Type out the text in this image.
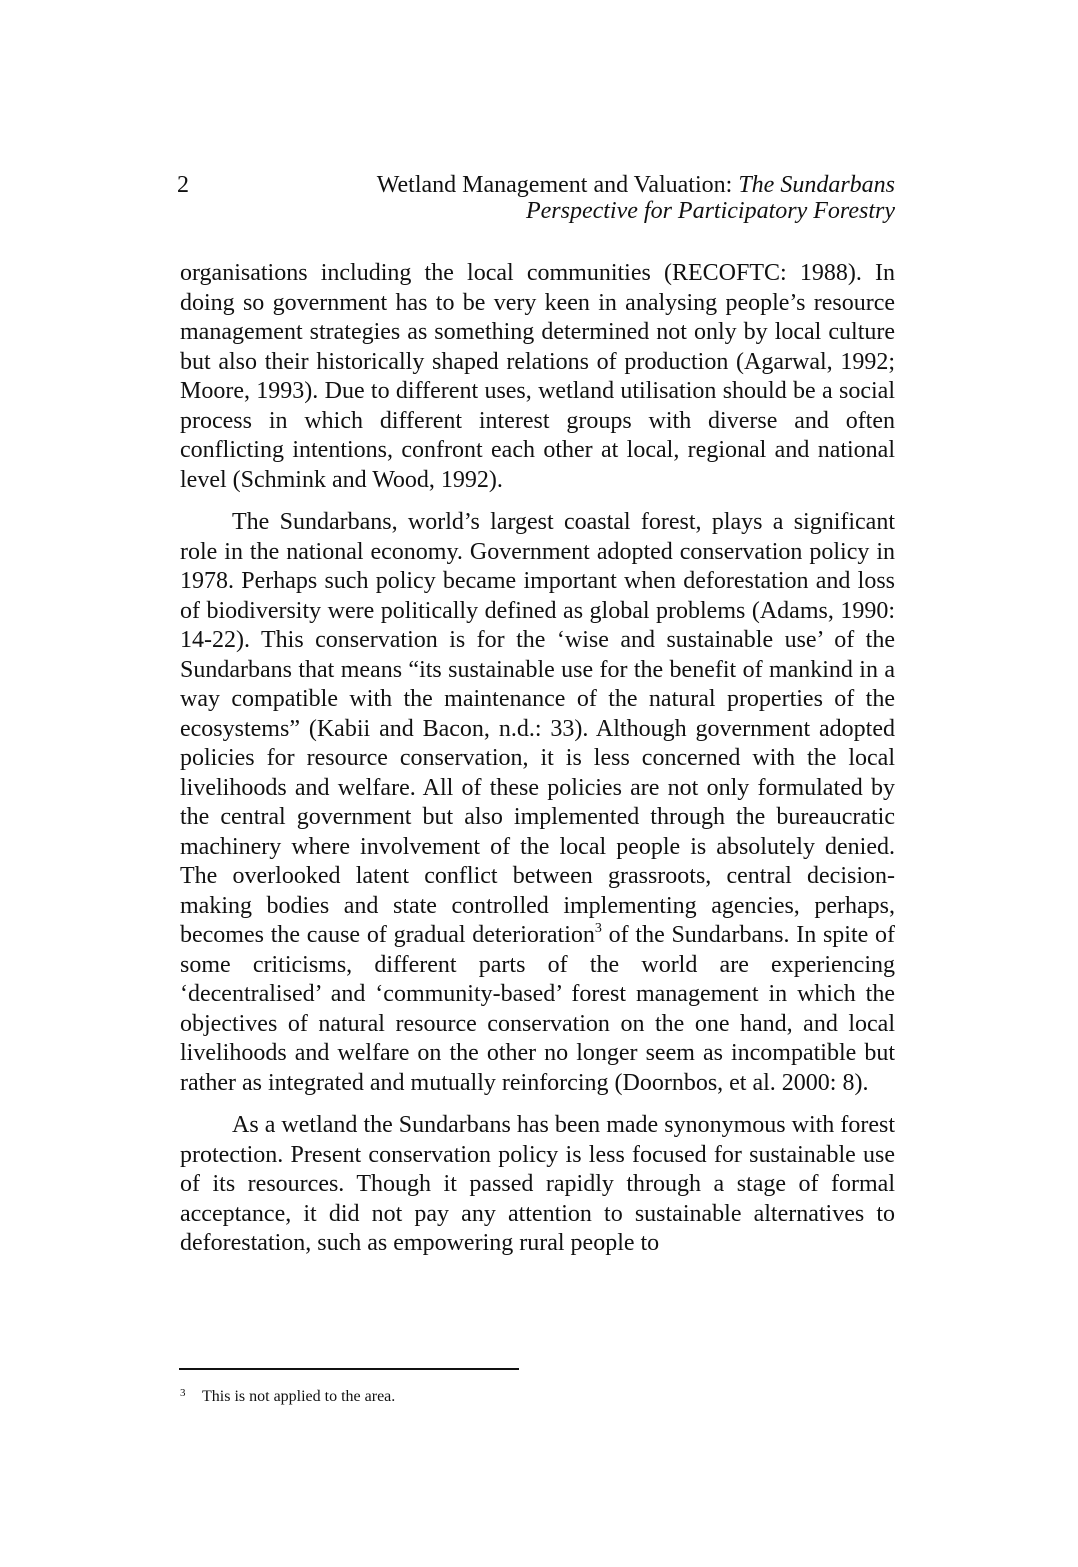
2	Wetland Management and Valuation: The Sundarbans
Perspective for Participatory Forestry

organisations including the local communities (RECOFTC: 1988). In doing so government has to be very keen in analysing people’s resource management strategies as something determined not only by local culture but also their historically shaped relations of production (Agarwal, 1992; Moore, 1993). Due to different uses, wetland utilisation should be a social process in which different interest groups with diverse and often conflicting intentions, confront each other at local, regional and national level (Schmink and Wood, 1992).

The Sundarbans, world’s largest coastal forest, plays a significant role in the national economy. Government adopted conservation policy in 1978. Perhaps such policy became important when deforestation and loss of biodiversity were politically defined as global problems (Adams, 1990: 14-22). This conservation is for the ‘wise and sustainable use’ of the Sundarbans that means “its sustainable use for the benefit of mankind in a way compatible with the maintenance of the natural properties of the ecosystems” (Kabii and Bacon, n.d.: 33). Although government adopted policies for resource conservation, it is less concerned with the local livelihoods and welfare. All of these policies are not only formulated by the central government but also implemented through the bureaucratic machinery where involvement of the local people is absolutely denied. The overlooked latent conflict between grassroots, central decision-making bodies and state controlled implementing agencies, perhaps, becomes the cause of gradual deterioration$^3$ of the Sundarbans. In spite of some criticisms, different parts of the world are experiencing ‘decentralised’ and ‘community-based’ forest management in which the objectives of natural resource conservation on the one hand, and local livelihoods and welfare on the other no longer seem as incompatible but rather as integrated and mutually reinforcing (Doornbos, et al. 2000: 8).

As a wetland the Sundarbans has been made synonymous with forest protection. Present conservation policy is less focused for sustainable use of its resources. Though it passed rapidly through a stage of formal acceptance, it did not pay any attention to sustainable alternatives to deforestation, such as empowering rural people to

3 This is not applied to the area.
